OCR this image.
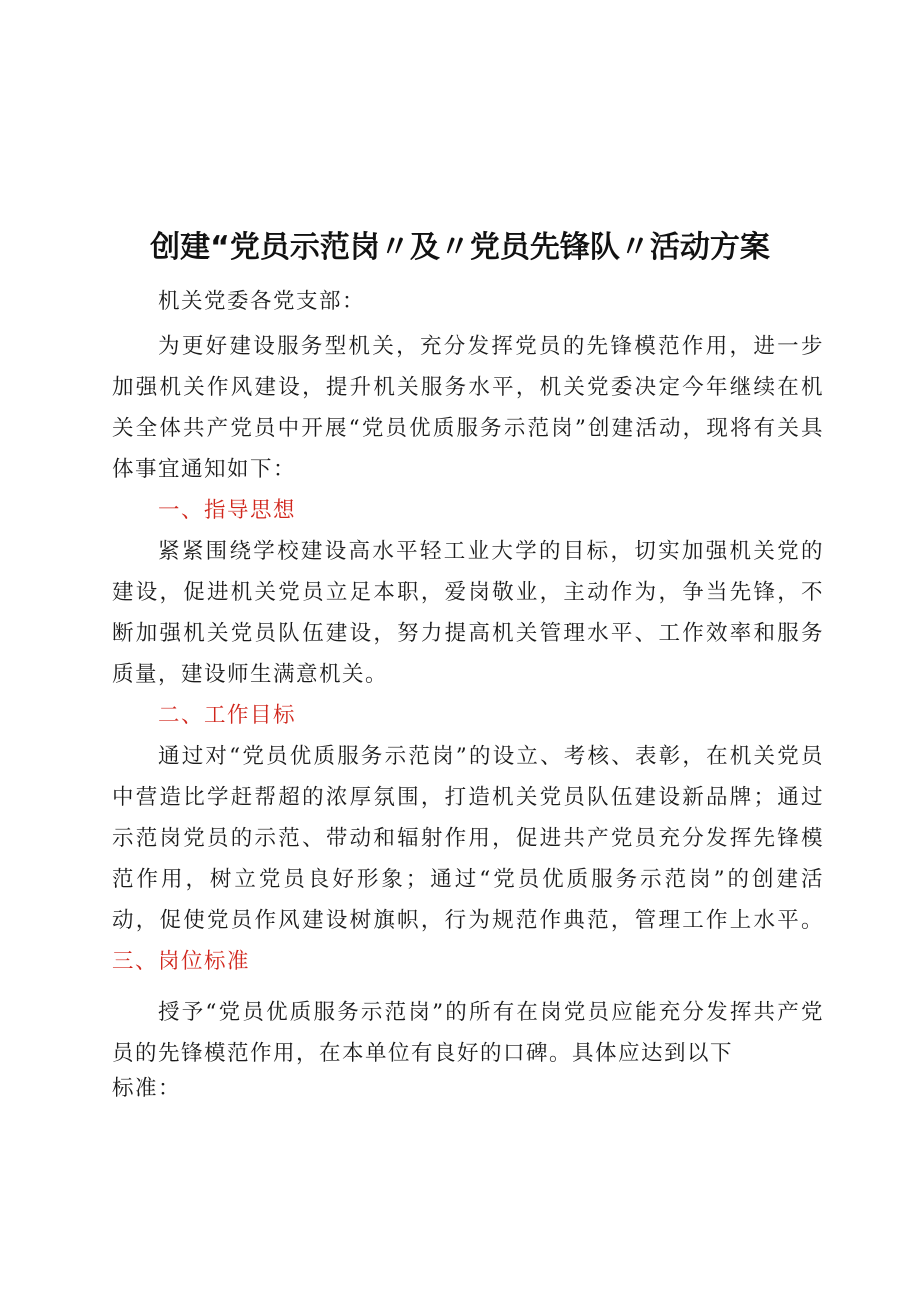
创建“党员示范岗〃及〃党员先锋队〃活动方案
机关党委各党支部：

为更好建设服务型机关，充分发挥党员的先锋模范作用，进一步加强机关作风建设，提升机关服务水平，机关党委决定今年继续在机关全体共产党员中开展“党员优质服务示范岗”创建活动，现将有关具体事宜通知如下：

一、指导思想

紧紧围绕学校建设高水平轻工业大学的目标，切实加强机关党的建设，促进机关党员立足本职，爱岗敬业，主动作为，争当先锋，不断加强机关党员队伍建设，努力提高机关管理水平、工作效率和服务质量，建设师生满意机关。

二、工作目标

通过对“党员优质服务示范岗”的设立、考核、表彰，在机关党员中营造比学赶帮超的浓厚氛围，打造机关党员队伍建设新品牌；通过示范岗党员的示范、带动和辐射作用，促进共产党员充分发挥先锋模范作用，树立党员良好形象；通过“党员优质服务示范岗”的创建活动，促使党员作风建设树旗帜，行为规范作典范，管理工作上水平。三、岗位标准

授予“党员优质服务示范岗”的所有在岗党员应能充分发挥共产党员的先锋模范作用，在本单位有良好的口碑。具体应达到以下

标准：
